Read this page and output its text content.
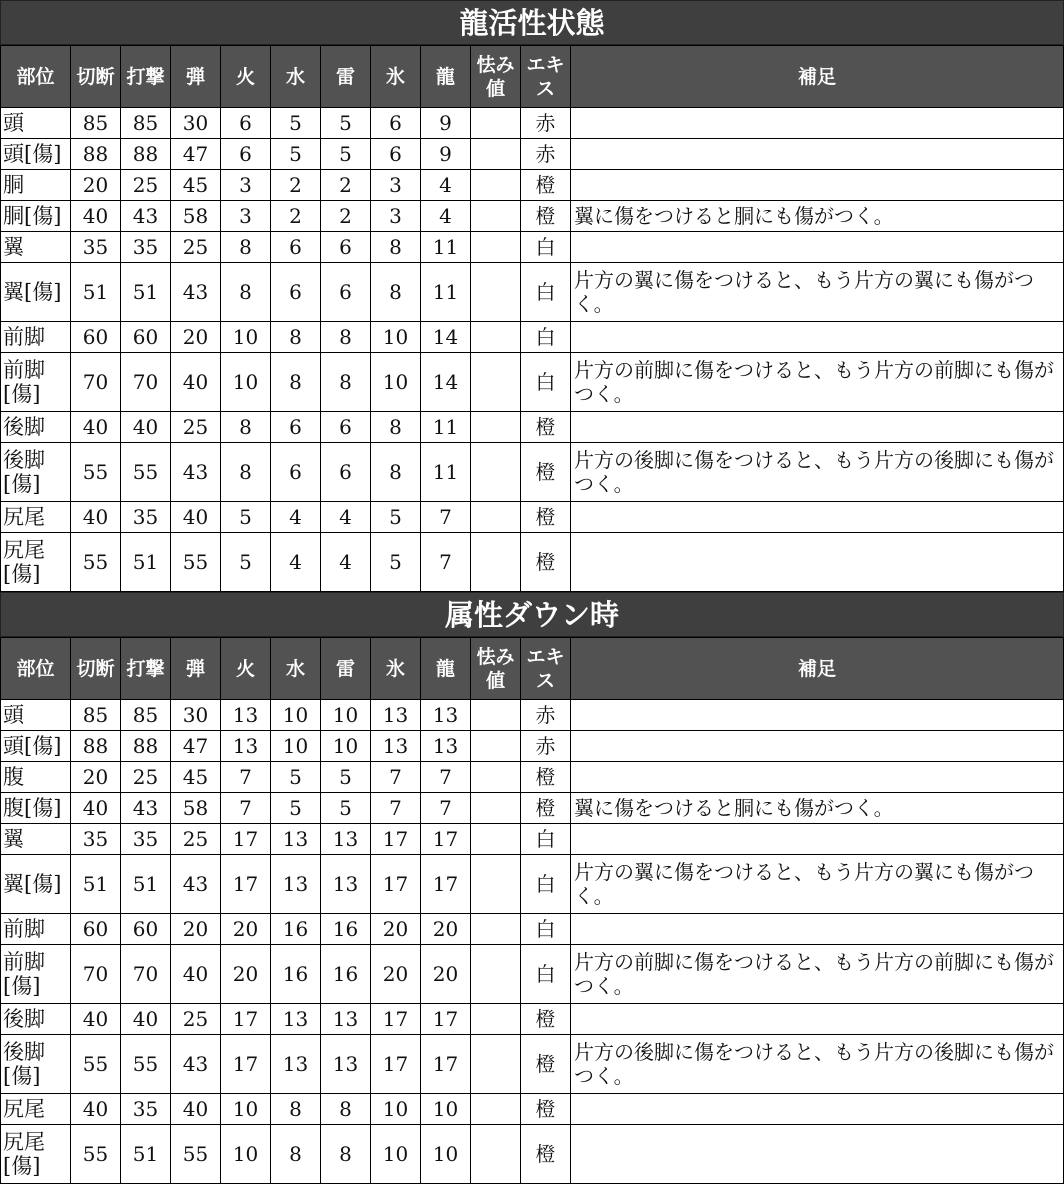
龍活性状態
部位	切断	打撃	弾	火	水	雷	氷	龍	怯み値	エキス	補足
頭	85	85	30	6	5	5	6	9		赤	
頭[傷]	88	88	47	6	5	5	6	9		赤	
胴	20	25	45	3	2	2	3	4		橙	
胴[傷]	40	43	58	3	2	2	3	4		橙	翼に傷をつけると胴にも傷がつく。
翼	35	35	25	8	6	6	8	11		白	
翼[傷]	51	51	43	8	6	6	8	11		白	片方の翼に傷をつけると、もう片方の翼にも傷がつく。
前脚	60	60	20	10	8	8	10	14		白	
前脚[傷]	70	70	40	10	8	8	10	14		白	片方の前脚に傷をつけると、もう片方の前脚にも傷がつく。
後脚	40	40	25	8	6	6	8	11		橙	
後脚[傷]	55	55	43	8	6	6	8	11		橙	片方の後脚に傷をつけると、もう片方の後脚にも傷がつく。
尻尾	40	35	40	5	4	4	5	7		橙	
尻尾[傷]	55	51	55	5	4	4	5	7		橙	
属性ダウン時
部位	切断	打撃	弾	火	水	雷	氷	龍	怯み値	エキス	補足
頭	85	85	30	13	10	10	13	13		赤	
頭[傷]	88	88	47	13	10	10	13	13		赤	
腹	20	25	45	7	5	5	7	7		橙	
腹[傷]	40	43	58	7	5	5	7	7		橙	翼に傷をつけると胴にも傷がつく。
翼	35	35	25	17	13	13	17	17		白	
翼[傷]	51	51	43	17	13	13	17	17		白	片方の翼に傷をつけると、もう片方の翼にも傷がつく。
前脚	60	60	20	20	16	16	20	20		白	
前脚[傷]	70	70	40	20	16	16	20	20		白	片方の前脚に傷をつけると、もう片方の前脚にも傷がつく。
後脚	40	40	25	17	13	13	17	17		橙	
後脚[傷]	55	55	43	17	13	13	17	17		橙	片方の後脚に傷をつけると、もう片方の後脚にも傷がつく。
尻尾	40	35	40	10	8	8	10	10		橙	
尻尾[傷]	55	51	55	10	8	8	10	10		橙	
